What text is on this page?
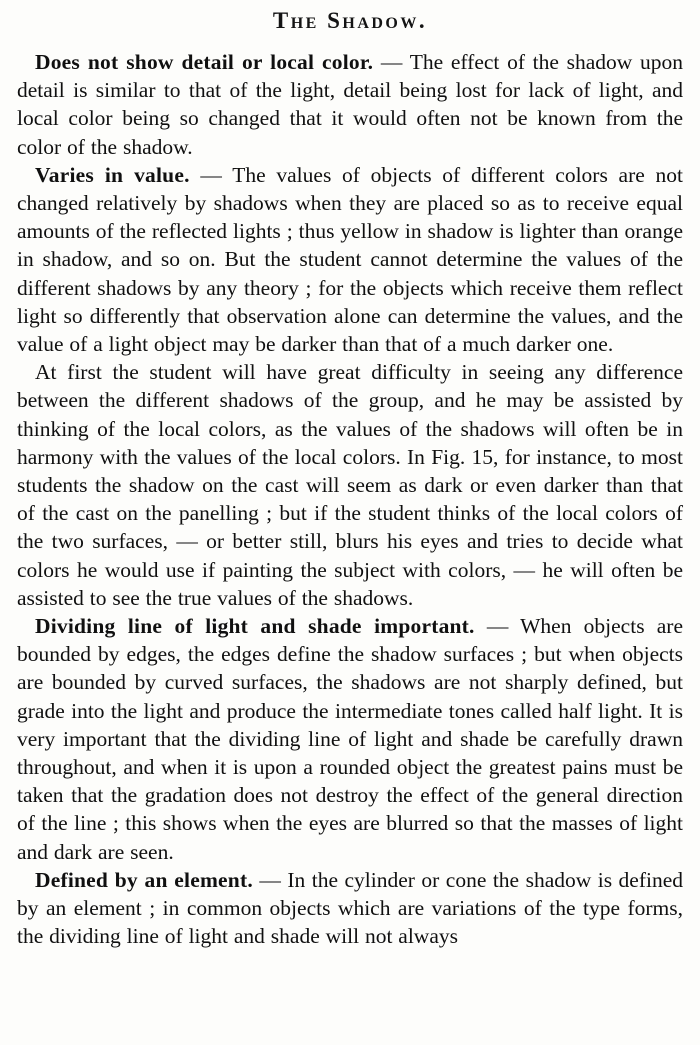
The Shadow.

Does not show detail or local color. — The effect of the shadow upon detail is similar to that of the light, detail being lost for lack of light, and local color being so changed that it would often not be known from the color of the shadow.

Varies in value. — The values of objects of different colors are not changed relatively by shadows when they are placed so as to receive equal amounts of the reflected lights ; thus yellow in shadow is lighter than orange in shadow, and so on. But the student cannot determine the values of the different shadows by any theory ; for the objects which receive them reflect light so differently that observation alone can determine the values, and the value of a light object may be darker than that of a much darker one.

At first the student will have great difficulty in seeing any difference between the different shadows of the group, and he may be assisted by thinking of the local colors, as the values of the shadows will often be in harmony with the values of the local colors. In Fig. 15, for instance, to most students the shadow on the cast will seem as dark or even darker than that of the cast on the panelling ; but if the student thinks of the local colors of the two surfaces, — or better still, blurs his eyes and tries to decide what colors he would use if painting the subject with colors, — he will often be assisted to see the true values of the shadows.

Dividing line of light and shade important. — When objects are bounded by edges, the edges define the shadow surfaces ; but when objects are bounded by curved surfaces, the shadows are not sharply defined, but grade into the light and produce the intermediate tones called half light. It is very important that the dividing line of light and shade be carefully drawn throughout, and when it is upon a rounded object the greatest pains must be taken that the gradation does not destroy the effect of the general direction of the line ; this shows when the eyes are blurred so that the masses of light and dark are seen.

Defined by an element. — In the cylinder or cone the shadow is defined by an element ; in common objects which are variations of the type forms, the dividing line of light and shade will not always
